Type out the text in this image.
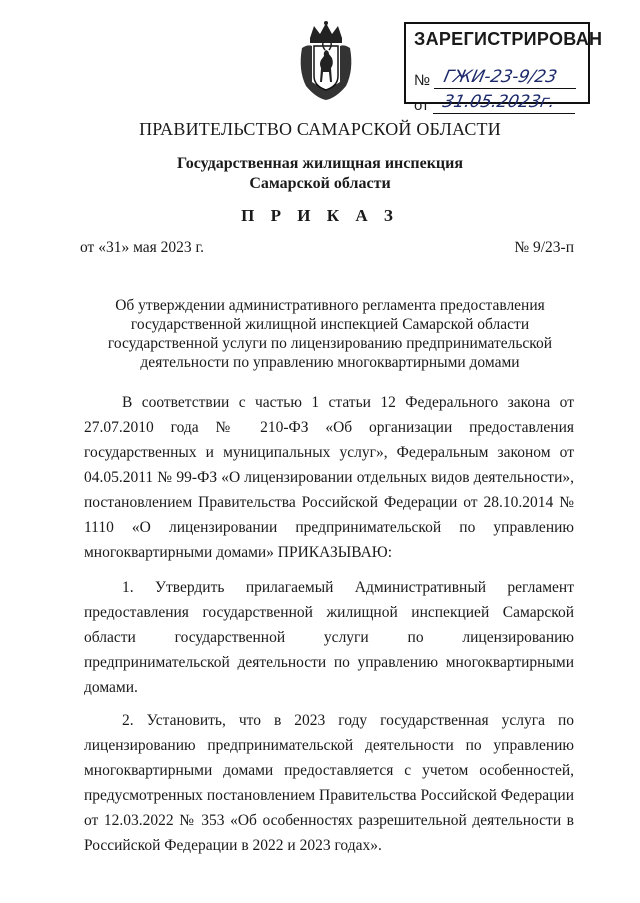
ЗАРЕГИСТРИРОВАН
№ ГЖИ-23-9/23
от 31.05.2023г.
ПРАВИТЕЛЬСТВО САМАРСКОЙ ОБЛАСТИ
Государственная жилищная инспекция
Самарской области
П Р И К А З
от «31» мая 2023 г.	№ 9/23-п
Об утверждении административного регламента предоставления государственной жилищной инспекцией Самарской области государственной услуги по лицензированию предпринимательской деятельности по управлению многоквартирными домами

В соответствии с частью 1 статьи 12 Федерального закона от 27.07.2010 года № 210-ФЗ «Об организации предоставления государственных и муниципальных услуг», Федеральным законом от 04.05.2011 № 99-ФЗ «О лицензировании отдельных видов деятельности», постановлением Правительства Российской Федерации от 28.10.2014 № 1110 «О лицензировании предпринимательской по управлению многоквартирными домами» ПРИКАЗЫВАЮ:

1. Утвердить прилагаемый Административный регламент предоставления государственной жилищной инспекцией Самарской области государственной услуги по лицензированию предпринимательской деятельности по управлению многоквартирными домами.

2. Установить, что в 2023 году государственная услуга по лицензированию предпринимательской деятельности по управлению многоквартирными домами предоставляется с учетом особенностей, предусмотренных постановлением Правительства Российской Федерации от 12.03.2022 № 353 «Об особенностях разрешительной деятельности в Российской Федерации в 2022 и 2023 годах».
